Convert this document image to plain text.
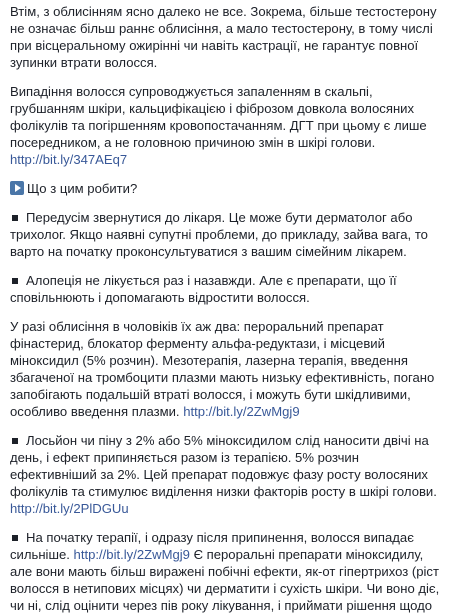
Втім, з облисінням ясно далеко не все. Зокрема, більше тестостерону не означає більш раннє облисіння, а мало тестостерону, в тому числі при вісцеральному ожирінні чи навіть кастрації, не гарантує повної зупинки втрати волосся.

Випадіння волосся супроводжується запаленням в скальпі, грубшанням шкіри, кальцифікацією і фіброзом довкола волосяних фолікулів та погіршенням кровопостачанням. ДГТ при цьому є лише посередником, а не головною причиною змін в шкірі голови. http://bit.ly/347AEq7

Що з цим робити?

Передусім звернутися до лікаря. Це може бути дерматолог або трихолог. Якщо наявні супутні проблеми, до прикладу, зайва вага, то варто на початку проконсультуватися з вашим сімейним лікарем.

Алопеція не лікується раз і назавжди. Але є препарати, що її сповільнюють і допомагають відростити волосся.

У разі облисіння в чоловіків їх аж два: пероральний препарат фінастерид, блокатор ферменту альфа-редуктази, і місцевий міноксидил (5% розчин). Мезотерапія, лазерна терапія, введення збагаченої на тромбоцити плазми мають низьку ефективність, погано запобігають подальшій втраті волосся, і можуть бути шкідливими, особливо введення плазми. http://bit.ly/2ZwMgj9

Лосьйон чи піну з 2% або 5% міноксидилом слід наносити двічі на день, і ефект припиняється разом із терапією. 5% розчин ефективніший за 2%. Цей препарат подовжує фазу росту волосяних фолікулів та стимулює виділення низки факторів росту в шкірі голови. http://bit.ly/2PlDGUu

На початку терапії, і одразу після припинення, волосся випадає сильніше. http://bit.ly/2ZwMgj9 Є пероральні препарати міноксидилу, але вони мають більш виражені побічні ефекти, як-от гіпертрихоз (ріст волосся в нетипових місцях) чи дерматити і сухість шкіри. Чи воно діє, чи ні, слід оцінити через пів року лікування, і приймати рішення щодо
